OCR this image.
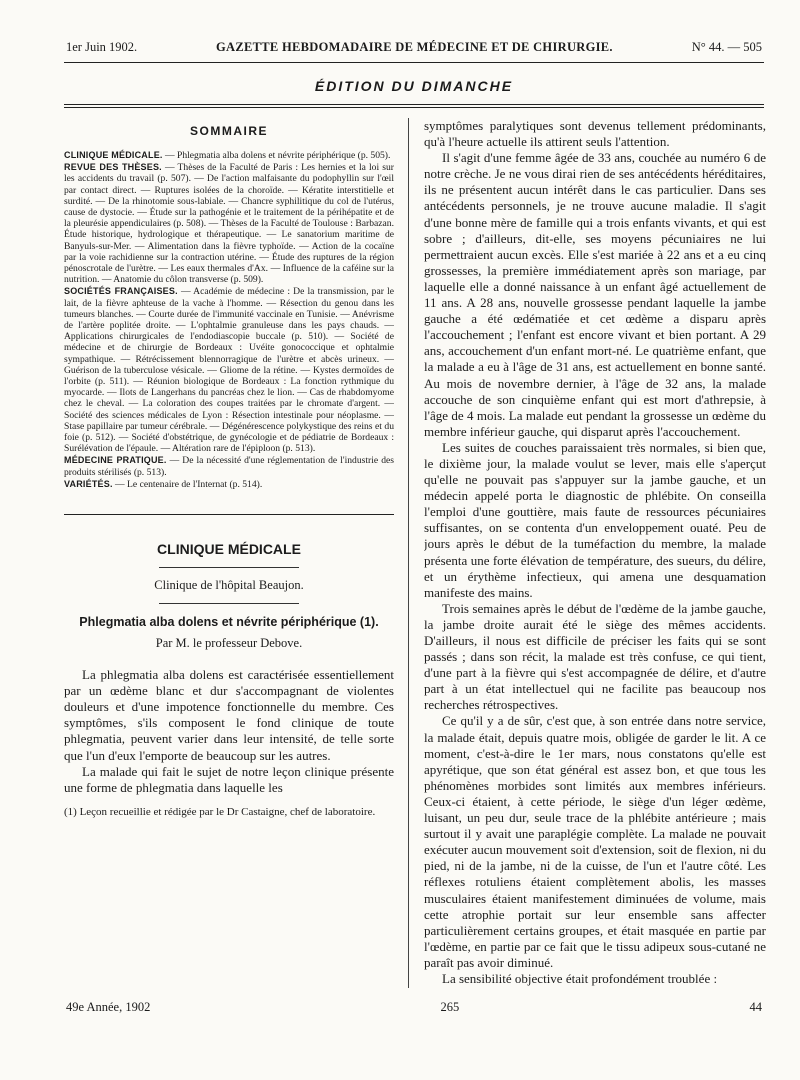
1er Juin 1902.	GAZETTE HEBDOMADAIRE DE MÉDECINE ET DE CHIRURGIE.	N° 44. — 505
ÉDITION DU DIMANCHE
SOMMAIRE

CLINIQUE MÉDICALE. — Phlegmatia alba dolens et névrite périphérique (p. 505).

REVUE DES THÈSES. — Thèses de la Faculté de Paris : Les hernies et la loi sur les accidents du travail (p. 507). — De l'action malfaisante du podophyllin sur l'œil par contact direct. — Ruptures isolées de la choroïde. — Kératite interstitielle et surdité. — De la rhinotomie sous-labiale. — Chancre syphilitique du col de l'utérus, cause de dystocie. — Étude sur la pathogénie et le traitement de la périhépatite et de la pleurésie appendiculaires (p. 508). — Thèses de la Faculté de Toulouse : Barbazan. Étude historique, hydrologique et thérapeutique. — Le sanatorium maritime de Banyuls-sur-Mer. — Alimentation dans la fièvre typhoïde. — Action de la cocaïne par la voie rachidienne sur la contraction utérine. — Étude des ruptures de la région pénoscrotale de l'urètre. — Les eaux thermales d'Ax. — Influence de la caféine sur la nutrition. — Anatomie du côlon transverse (p. 509).

SOCIÉTÉS FRANÇAISES. — Académie de médecine : De la transmission, par le lait, de la fièvre aphteuse de la vache à l'homme. — Résection du genou dans les tumeurs blanches. — Courte durée de l'immunité vaccinale en Tunisie. — Anévrisme de l'artère poplitée droite. — L'ophtalmie granuleuse dans les pays chauds. — Applications chirurgicales de l'endodiascopie buccale (p. 510). — Société de médecine et de chirurgie de Bordeaux : Uvéite gonococcique et ophtalmie sympathique. — Rétrécissement blennorragique de l'urètre et abcès urineux. — Guérison de la tuberculose vésicale. — Gliome de la rétine. — Kystes dermoïdes de l'orbite (p. 511). — Réunion biologique de Bordeaux : La fonction rythmique du myocarde. — Ilots de Langerhans du pancréas chez le lion. — Cas de rhabdomyome chez le cheval. — La coloration des coupes traitées par le chromate d'argent. — Société des sciences médicales de Lyon : Résection intestinale pour néoplasme. — Stase papillaire par tumeur cérébrale. — Dégénérescence polykystique des reins et du foie (p. 512). — Société d'obstétrique, de gynécologie et de pédiatrie de Bordeaux : Surélévation de l'épaule. — Altération rare de l'épiploon (p. 513).

MÉDECINE PRATIQUE. — De la nécessité d'une réglementation de l'industrie des produits stérilisés (p. 513).

VARIÉTÉS. — Le centenaire de l'Internat (p. 514).

CLINIQUE MÉDICALE
Clinique de l'hôpital Beaujon.
Phlegmatia alba dolens et névrite périphérique (1).
Par M. le professeur Debove.

La phlegmatia alba dolens est caractérisée essentiellement par un œdème blanc et dur s'accompagnant de violentes douleurs et d'une impotence fonctionnelle du membre. Ces symptômes, s'ils composent le fond clinique de toute phlegmatia, peuvent varier dans leur intensité, de telle sorte que l'un d'eux l'emporte de beaucoup sur les autres.

La malade qui fait le sujet de notre leçon clinique présente une forme de phlegmatia dans laquelle les

(1) Leçon recueillie et rédigée par le Dr Castaigne, chef de laboratoire.

symptômes paralytiques sont devenus tellement prédominants, qu'à l'heure actuelle ils attirent seuls l'attention.

Il s'agit d'une femme âgée de 33 ans, couchée au numéro 6 de notre crèche. Je ne vous dirai rien de ses antécédents héréditaires, ils ne présentent aucun intérêt dans le cas particulier. Dans ses antécédents personnels, je ne trouve aucune maladie. Il s'agit d'une bonne mère de famille qui a trois enfants vivants, et qui est sobre ; d'ailleurs, dit-elle, ses moyens pécuniaires ne lui permettraient aucun excès. Elle s'est mariée à 22 ans et a eu cinq grossesses, la première immédiatement après son mariage, par laquelle elle a donné naissance à un enfant âgé actuellement de 11 ans. A 28 ans, nouvelle grossesse pendant laquelle la jambe gauche a été œdématiée et cet œdème a disparu après l'accouchement ; l'enfant est encore vivant et bien portant. A 29 ans, accouchement d'un enfant mort-né. Le quatrième enfant, que la malade a eu à l'âge de 31 ans, est actuellement en bonne santé. Au mois de novembre dernier, à l'âge de 32 ans, la malade accouche de son cinquième enfant qui est mort d'athrepsie, à l'âge de 4 mois. La malade eut pendant la grossesse un œdème du membre inférieur gauche, qui disparut après l'accouchement.

Les suites de couches paraissaient très normales, si bien que, le dixième jour, la malade voulut se lever, mais elle s'aperçut qu'elle ne pouvait pas s'appuyer sur la jambe gauche, et un médecin appelé porta le diagnostic de phlébite. On conseilla l'emploi d'une gouttière, mais faute de ressources pécuniaires suffisantes, on se contenta d'un enveloppement ouaté. Peu de jours après le début de la tuméfaction du membre, la malade présenta une forte élévation de température, des sueurs, du délire, et un érythème infectieux, qui amena une desquamation manifeste des mains.

Trois semaines après le début de l'œdème de la jambe gauche, la jambe droite aurait été le siège des mêmes accidents. D'ailleurs, il nous est difficile de préciser les faits qui se sont passés ; dans son récit, la malade est très confuse, ce qui tient, d'une part à la fièvre qui s'est accompagnée de délire, et d'autre part à un état intellectuel qui ne facilite pas beaucoup nos recherches rétrospectives.

Ce qu'il y a de sûr, c'est que, à son entrée dans notre service, la malade était, depuis quatre mois, obligée de garder le lit. A ce moment, c'est-à-dire le 1er mars, nous constatons qu'elle est apyrétique, que son état général est assez bon, et que tous les phénomènes morbides sont limités aux membres inférieurs. Ceux-ci étaient, à cette période, le siège d'un léger œdème, luisant, un peu dur, seule trace de la phlébite antérieure ; mais surtout il y avait une paraplégie complète. La malade ne pouvait exécuter aucun mouvement soit d'extension, soit de flexion, ni du pied, ni de la jambe, ni de la cuisse, de l'un et l'autre côté. Les réflexes rotuliens étaient complètement abolis, les masses musculaires étaient manifestement diminuées de volume, mais cette atrophie portait sur leur ensemble sans affecter particulièrement certains groupes, et était masquée en partie par l'œdème, en partie par ce fait que le tissu adipeux sous-cutané ne paraît pas avoir diminué.

La sensibilité objective était profondément troublée :

49e Année, 1902	265	44
